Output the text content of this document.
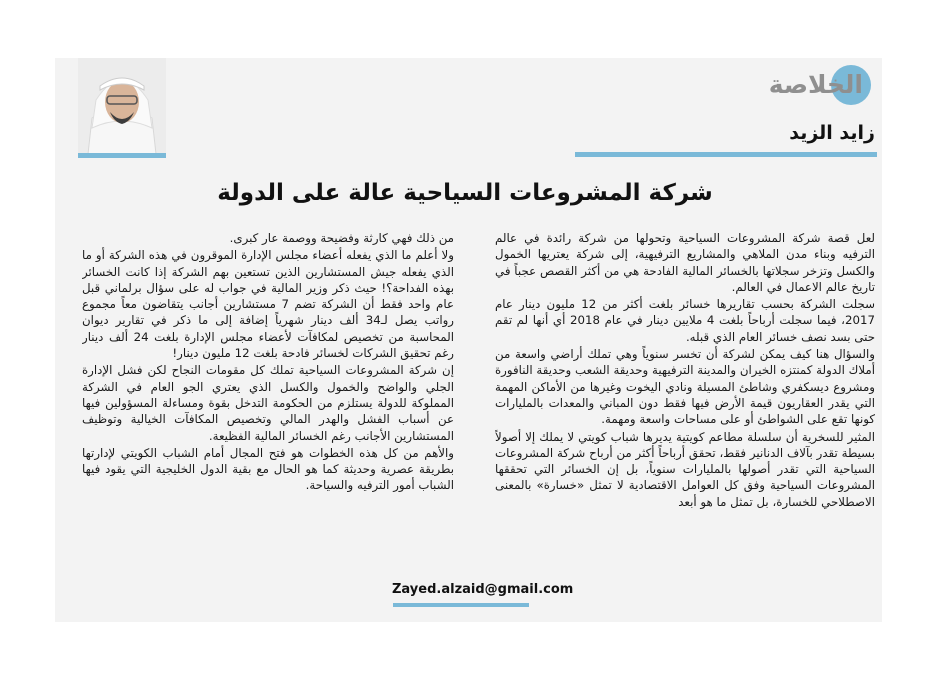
الخلاصة
زايد الزيد
شركة المشروعات السياحية عالة على الدولة

لعل قصة شركة المشروعات السياحية وتحولها من شركة رائدة في عالم الترفيه وبناء مدن الملاهي والمشاريع الترفيهية، إلى شركة يعتريها الخمول والكسل وتزخر سجلاتها بالخسائر المالية الفادحة هي من أكثر القصص عجباً في تاريخ عالم الاعمال في العالم.

سجلت الشركة بحسب تقاريرها خسائر بلغت أكثر من 12 مليون دينار عام 2017، فيما سجلت أرباحاً بلغت 4 ملايين دينار في عام 2018 أي أنها لم تقم حتى بسد نصف خسائر العام الذي قبله.

والسؤال هنا كيف يمكن لشركة أن تخسر سنوياً وهي تملك أراضي واسعة من أملاك الدولة كمنتزه الخيران والمدينة الترفيهية وحديقة الشعب وحديقة النافورة ومشروع ديسكفري وشاطئ المسيلة ونادي اليخوت وغيرها من الأماكن المهمة التي يقدر العقاريون قيمة الأرض فيها فقط دون المباني والمعدات بالمليارات كونها تقع على الشواطئ أو على مساحات واسعة ومهمة.

المثير للسخرية أن سلسلة مطاعم كويتية يديرها شباب كويتي لا يملك إلا أصولاً بسيطة تقدر بآلاف الدنانير فقط، تحقق أرباحاً أكثر من أرباح شركة المشروعات السياحية التي تقدر أصولها بالمليارات سنوياً، بل إن الخسائر التي تحققها المشروعات السياحية وفق كل العوامل الاقتصادية لا تمثل «خسارة» بالمعنى الاصطلاحي للخسارة، بل تمثل ما هو أبعد

من ذلك فهي كارثة وفضيحة ووصمة عار كبرى.

ولا أعلم ما الذي يفعله أعضاء مجلس الإدارة الموقرون في هذه الشركة أو ما الذي يفعله جيش المستشارين الذين تستعين بهم الشركة إذا كانت الخسائر بهذه الفداحة؟! حيث ذكر وزير المالية في جواب له على سؤال برلماني قبل عام واحد فقط أن الشركة تضم 7 مستشارين أجانب يتقاضون معاً مجموع رواتب يصل لـ34 ألف دينار شهرياً إضافة إلى ما ذكر في تقارير ديوان المحاسبة من تخصيص لمكافآت لأعضاء مجلس الإدارة بلغت 24 ألف دينار رغم تحقيق الشركات لخسائر فادحة بلغت 12 مليون دينار!

إن شركة المشروعات السياحية تملك كل مقومات النجاح لكن فشل الإدارة الجلي والواضح والخمول والكسل الذي يعتري الجو العام في الشركة المملوكة للدولة يستلزم من الحكومة التدخل بقوة ومساءلة المسؤولين فيها عن أسباب الفشل والهدر المالي وتخصيص المكافآت الخيالية وتوظيف المستشارين الأجانب رغم الخسائر المالية الفظيعة.

والأهم من كل هذه الخطوات هو فتح المجال أمام الشباب الكويتي لإدارتها بطريقة عصرية وحديثة كما هو الحال مع بقية الدول الخليجية التي يقود فيها الشباب أمور الترفيه والسياحة.

Zayed.alzaid@gmail.com
